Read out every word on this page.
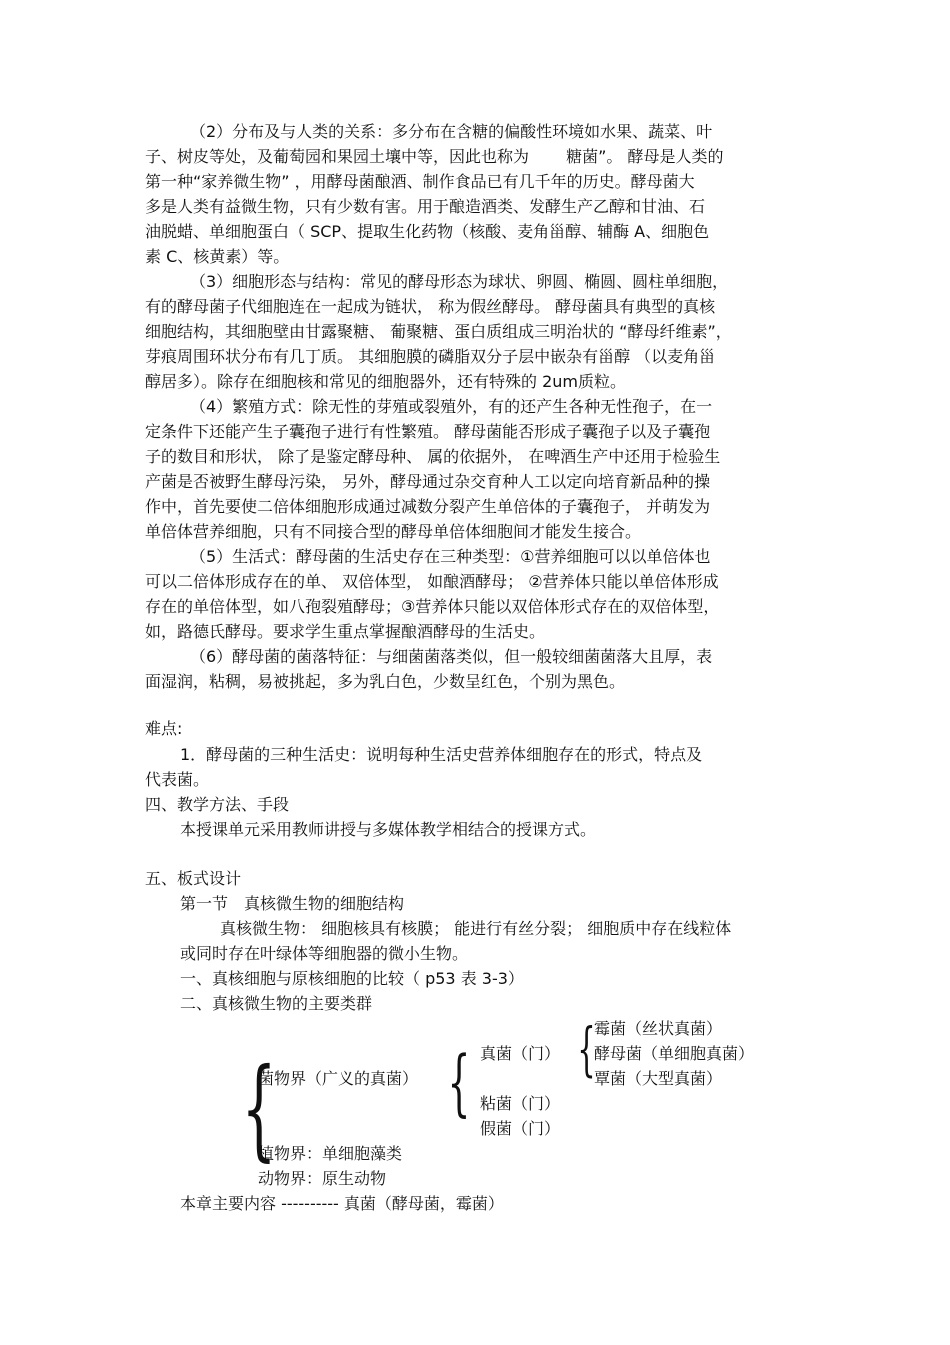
（2）分布及与人类的关系：多分布在含糖的偏酸性环境如水果、蔬菜、叶
子、树皮等处，及葡萄园和果园土壤中等，因此也称为 　　糖菌”。 酵母是人类的
第一种“家养微生物” ，用酵母菌酿酒、制作食品已有几千年的历史。酵母菌大
多是人类有益微生物，只有少数有害。用于酿造酒类、发酵生产乙醇和甘油、石
油脱蜡、单细胞蛋白（ SCP、提取生化药物（核酸、麦角甾醇、辅酶 A、细胞色
素 C、核黄素）等。
（3）细胞形态与结构：常见的酵母形态为球状、卵圆、椭圆、圆柱单细胞，
有的酵母菌子代细胞连在一起成为链状， 称为假丝酵母。 酵母菌具有典型的真核
细胞结构，其细胞壁由甘露聚糖、 葡聚糖、蛋白质组成三明治状的 “酵母纤维素”，
芽痕周围环状分布有几丁质。 其细胞膜的磷脂双分子层中嵌杂有甾醇 （以麦角甾
醇居多）。除存在细胞核和常见的细胞器外，还有特殊的 2um质粒。
（4）繁殖方式：除无性的芽殖或裂殖外，有的还产生各种无性孢子，在一
定条件下还能产生子囊孢子进行有性繁殖。 酵母菌能否形成子囊孢子以及子囊孢
子的数目和形状， 除了是鉴定酵母种、 属的依据外， 在啤酒生产中还用于检验生
产菌是否被野生酵母污染， 另外，酵母通过杂交育种人工以定向培育新品种的操
作中，首先要使二倍体细胞形成通过减数分裂产生单倍体的子囊孢子， 并萌发为
单倍体营养细胞，只有不同接合型的酵母单倍体细胞间才能发生接合。
（5）生活式：酵母菌的生活史存在三种类型：①营养细胞可以以单倍体也
可以二倍体形成存在的单、 双倍体型， 如酿酒酵母； ②营养体只能以单倍体形成
存在的单倍体型，如八孢裂殖酵母；③营养体只能以双倍体形式存在的双倍体型，
如，路德氏酵母。要求学生重点掌握酿酒酵母的生活史。
（6）酵母菌的菌落特征：与细菌菌落类似，但一般较细菌菌落大且厚，表
面湿润，粘稠，易被挑起，多为乳白色，少数呈红色，个别为黑色。
难点:
1．酵母菌的三种生活史：说明每种生活史营养体细胞存在的形式，特点及
代表菌。
四、教学方法、手段
本授课单元采用教师讲授与多媒体教学相结合的授课方式。
五、板式设计
第一节　真核微生物的细胞结构
真核微生物： 细胞核具有核膜； 能进行有丝分裂； 细胞质中存在线粒体
或同时存在叶绿体等细胞器的微小生物。
一、真核细胞与原核细胞的比较（ p53 表 3-3）
二、真核微生物的主要类群
{ { {
菌物界（广义的真菌）
真菌（门）
霉菌（丝状真菌）
酵母菌（单细胞真菌）
覃菌（大型真菌）
粘菌（门）
假菌（门）
植物界：单细胞藻类
动物界：原生动物
本章主要内容 ---------- 真菌（酵母菌，霉菌）
